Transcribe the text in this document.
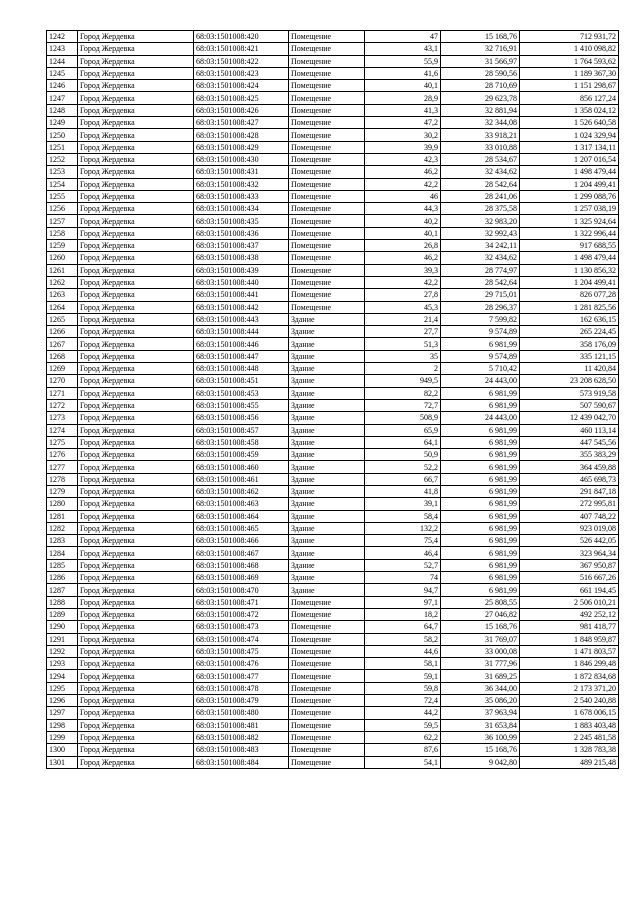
1242	Город Жердевка	68:03:1501008:420	Помещение	47	15 168,76	712 931,72
1243	Город Жердевка	68:03:1501008:421	Помещение	43,1	32 716,91	1 410 098,82
1244	Город Жердевка	68:03:1501008:422	Помещение	55,9	31 566,97	1 764 593,62
1245	Город Жердевка	68:03:1501008:423	Помещение	41,6	28 590,56	1 189 367,30
1246	Город Жердевка	68:03:1501008:424	Помещение	40,1	28 710,69	1 151 298,67
1247	Город Жердевка	68:03:1501008:425	Помещение	28,9	29 623,78	856 127,24
1248	Город Жердевка	68:03:1501008:426	Помещение	41,3	32 881,94	1 358 024,12
1249	Город Жердевка	68:03:1501008:427	Помещение	47,2	32 344,08	1 526 640,58
1250	Город Жердевка	68:03:1501008:428	Помещение	30,2	33 918,21	1 024 329,94
1251	Город Жердевка	68:03:1501008:429	Помещение	39,9	33 010,88	1 317 134,11
1252	Город Жердевка	68:03:1501008:430	Помещение	42,3	28 534,67	1 207 016,54
1253	Город Жердевка	68:03:1501008:431	Помещение	46,2	32 434,62	1 498 479,44
1254	Город Жердевка	68:03:1501008:432	Помещение	42,2	28 542,64	1 204 499,41
1255	Город Жердевка	68:03:1501008:433	Помещение	46	28 241,06	1 299 088,76
1256	Город Жердевка	68:03:1501008:434	Помещение	44,3	28 375,58	1 257 038,19
1257	Город Жердевка	68:03:1501008:435	Помещение	40,2	32 983,20	1 325 924,64
1258	Город Жердевка	68:03:1501008:436	Помещение	40,1	32 992,43	1 322 996,44
1259	Город Жердевка	68:03:1501008:437	Помещение	26,8	34 242,11	917 688,55
1260	Город Жердевка	68:03:1501008:438	Помещение	46,2	32 434,62	1 498 479,44
1261	Город Жердевка	68:03:1501008:439	Помещение	39,3	28 774,97	1 130 856,32
1262	Город Жердевка	68:03:1501008:440	Помещение	42,2	28 542,64	1 204 499,41
1263	Город Жердевка	68:03:1501008:441	Помещение	27,8	29 715,01	826 077,28
1264	Город Жердевка	68:03:1501008:442	Помещение	45,3	28 296,37	1 281 825,56
1265	Город Жердевка	68:03:1501008:443	Здание	21,4	7 599,82	162 636,15
1266	Город Жердевка	68:03:1501008:444	Здание	27,7	9 574,89	265 224,45
1267	Город Жердевка	68:03:1501008:446	Здание	51,3	6 981,99	358 176,09
1268	Город Жердевка	68:03:1501008:447	Здание	35	9 574,89	335 121,15
1269	Город Жердевка	68:03:1501008:448	Здание	2	5 710,42	11 420,84
1270	Город Жердевка	68:03:1501008:451	Здание	949,5	24 443,00	23 208 628,50
1271	Город Жердевка	68:03:1501008:453	Здание	82,2	6 981,99	573 919,58
1272	Город Жердевка	68:03:1501008:455	Здание	72,7	6 981,99	507 590,67
1273	Город Жердевка	68:03:1501008:456	Здание	508,9	24 443,00	12 439 042,70
1274	Город Жердевка	68:03:1501008:457	Здание	65,9	6 981,99	460 113,14
1275	Город Жердевка	68:03:1501008:458	Здание	64,1	6 981,99	447 545,56
1276	Город Жердевка	68:03:1501008:459	Здание	50,9	6 981,99	355 383,29
1277	Город Жердевка	68:03:1501008:460	Здание	52,2	6 981,99	364 459,88
1278	Город Жердевка	68:03:1501008:461	Здание	66,7	6 981,99	465 698,73
1279	Город Жердевка	68:03:1501008:462	Здание	41,8	6 981,99	291 847,18
1280	Город Жердевка	68:03:1501008:463	Здание	39,1	6 981,99	272 995,81
1281	Город Жердевка	68:03:1501008:464	Здание	58,4	6 981,99	407 748,22
1282	Город Жердевка	68:03:1501008:465	Здание	132,2	6 981,99	923 019,08
1283	Город Жердевка	68:03:1501008:466	Здание	75,4	6 981,99	526 442,05
1284	Город Жердевка	68:03:1501008:467	Здание	46,4	6 981,99	323 964,34
1285	Город Жердевка	68:03:1501008:468	Здание	52,7	6 981,99	367 950,87
1286	Город Жердевка	68:03:1501008:469	Здание	74	6 981,99	516 667,26
1287	Город Жердевка	68:03:1501008:470	Здание	94,7	6 981,99	661 194,45
1288	Город Жердевка	68:03:1501008:471	Помещение	97,1	25 808,55	2 506 010,21
1289	Город Жердевка	68:03:1501008:472	Помещение	18,2	27 046,82	492 252,12
1290	Город Жердевка	68:03:1501008:473	Помещение	64,7	15 168,76	981 418,77
1291	Город Жердевка	68:03:1501008:474	Помещение	58,2	31 769,07	1 848 959,87
1292	Город Жердевка	68:03:1501008:475	Помещение	44,6	33 000,08	1 471 803,57
1293	Город Жердевка	68:03:1501008:476	Помещение	58,1	31 777,96	1 846 299,48
1294	Город Жердевка	68:03:1501008:477	Помещение	59,1	31 689,25	1 872 834,68
1295	Город Жердевка	68:03:1501008:478	Помещение	59,8	36 344,00	2 173 371,20
1296	Город Жердевка	68:03:1501008:479	Помещение	72,4	35 086,20	2 540 240,88
1297	Город Жердевка	68:03:1501008:480	Помещение	44,2	37 963,94	1 678 006,15
1298	Город Жердевка	68:03:1501008:481	Помещение	59,5	31 653,84	1 883 403,48
1299	Город Жердевка	68:03:1501008:482	Помещение	62,2	36 100,99	2 245 481,58
1300	Город Жердевка	68:03:1501008:483	Помещение	87,6	15 168,76	1 328 783,38
1301	Город Жердевка	68:03:1501008:484	Помещение	54,1	9 042,80	489 215,48
